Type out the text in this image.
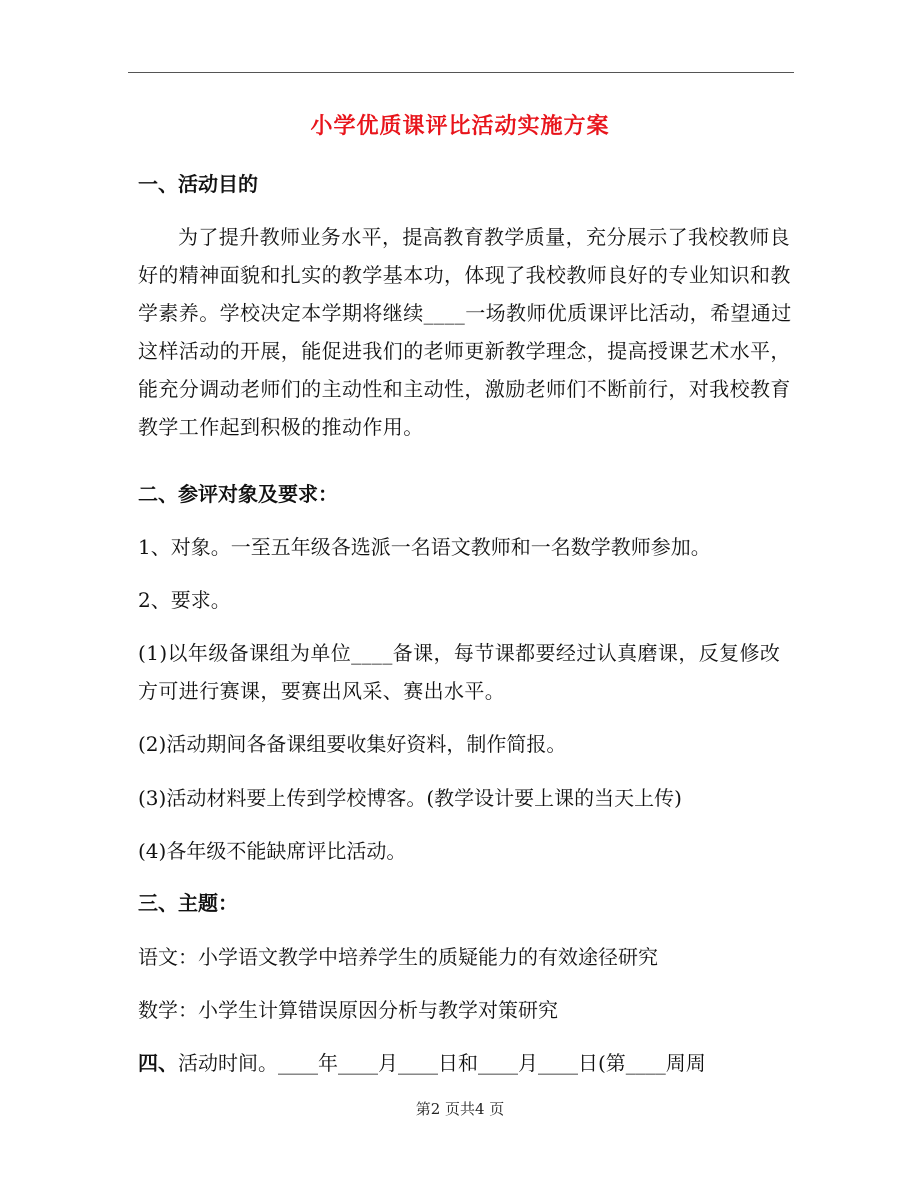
小学优质课评比活动实施方案
一、活动目的
为了提升教师业务水平，提高教育教学质量，充分展示了我校教师良好的精神面貌和扎实的教学基本功，体现了我校教师良好的专业知识和教学素养。学校决定本学期将继续____一场教师优质课评比活动，希望通过这样活动的开展，能促进我们的老师更新教学理念，提高授课艺术水平，能充分调动老师们的主动性和主动性，激励老师们不断前行，对我校教育教学工作起到积极的推动作用。
二、参评对象及要求：
1、对象。一至五年级各选派一名语文教师和一名数学教师参加。
2、要求。
(1)以年级备课组为单位____备课，每节课都要经过认真磨课，反复修改方可进行赛课，要赛出风采、赛出水平。
(2)活动期间各备课组要收集好资料，制作简报。
(3)活动材料要上传到学校博客。(教学设计要上课的当天上传)
(4)各年级不能缺席评比活动。
三、主题：
语文：小学语文教学中培养学生的质疑能力的有效途径研究
数学：小学生计算错误原因分析与教学对策研究
四、活动时间。____年____月____日和____月____日(第____周周
第2 页共4 页
